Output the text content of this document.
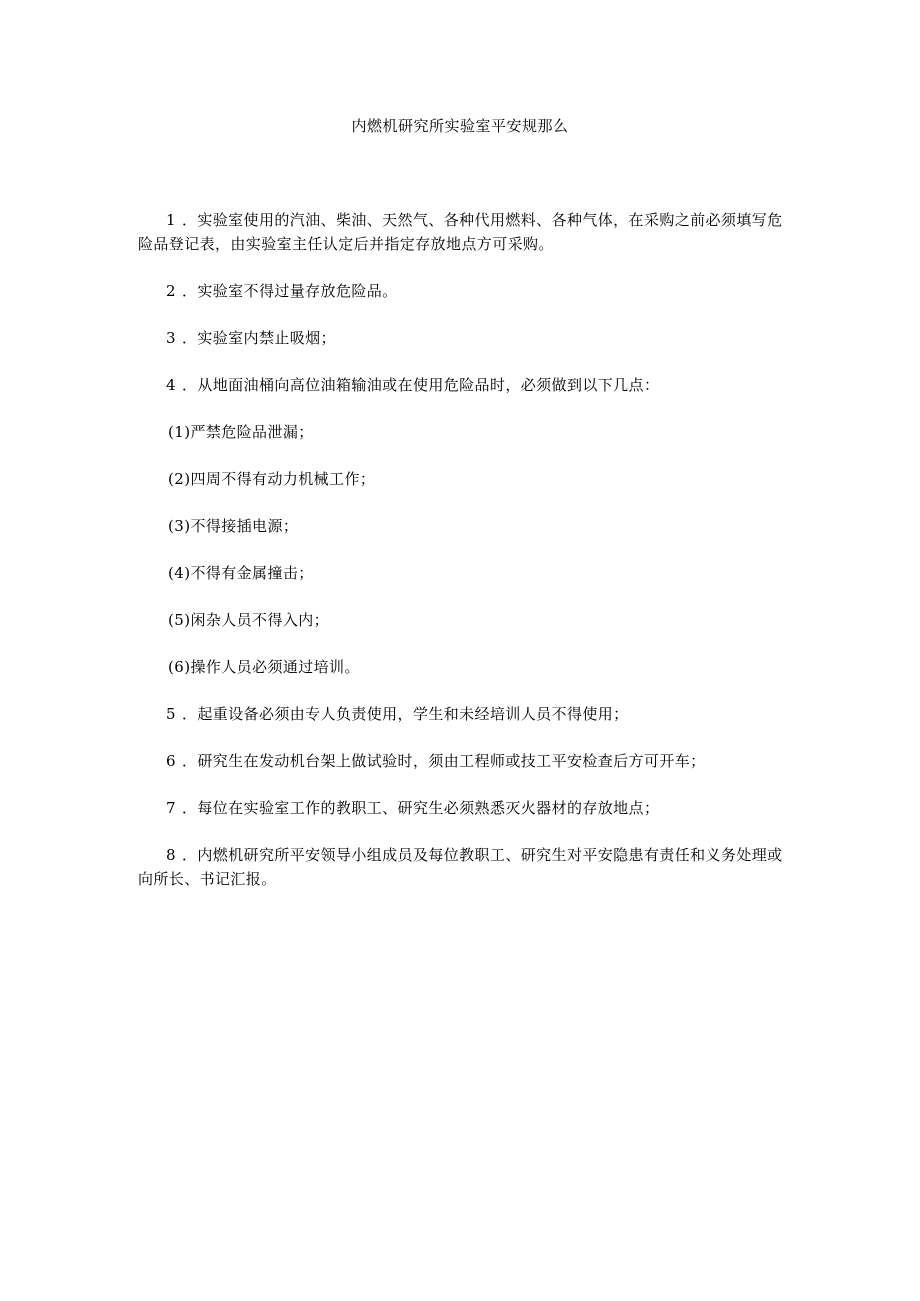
内燃机研究所实验室平安规那么

1 ．实验室使用的汽油、柴油、天然气、各种代用燃料、各种气体，在采购之前必须填写危险品登记表，由实验室主任认定后并指定存放地点方可采购。

2 ．实验室不得过量存放危险品。

3 ．实验室内禁止吸烟；

4 ．从地面油桶向高位油箱输油或在使用危险品时，必须做到以下几点：

(1)严禁危险品泄漏；

(2)四周不得有动力机械工作；

(3)不得接插电源；

(4)不得有金属撞击；

(5)闲杂人员不得入内；

(6)操作人员必须通过培训。

5 ．起重设备必须由专人负责使用，学生和未经培训人员不得使用；

6 ．研究生在发动机台架上做试验时，须由工程师或技工平安检查后方可开车；

7 ．每位在实验室工作的教职工、研究生必须熟悉灭火器材的存放地点；

8 ．内燃机研究所平安领导小组成员及每位教职工、研究生对平安隐患有责任和义务处理或向所长、书记汇报。
